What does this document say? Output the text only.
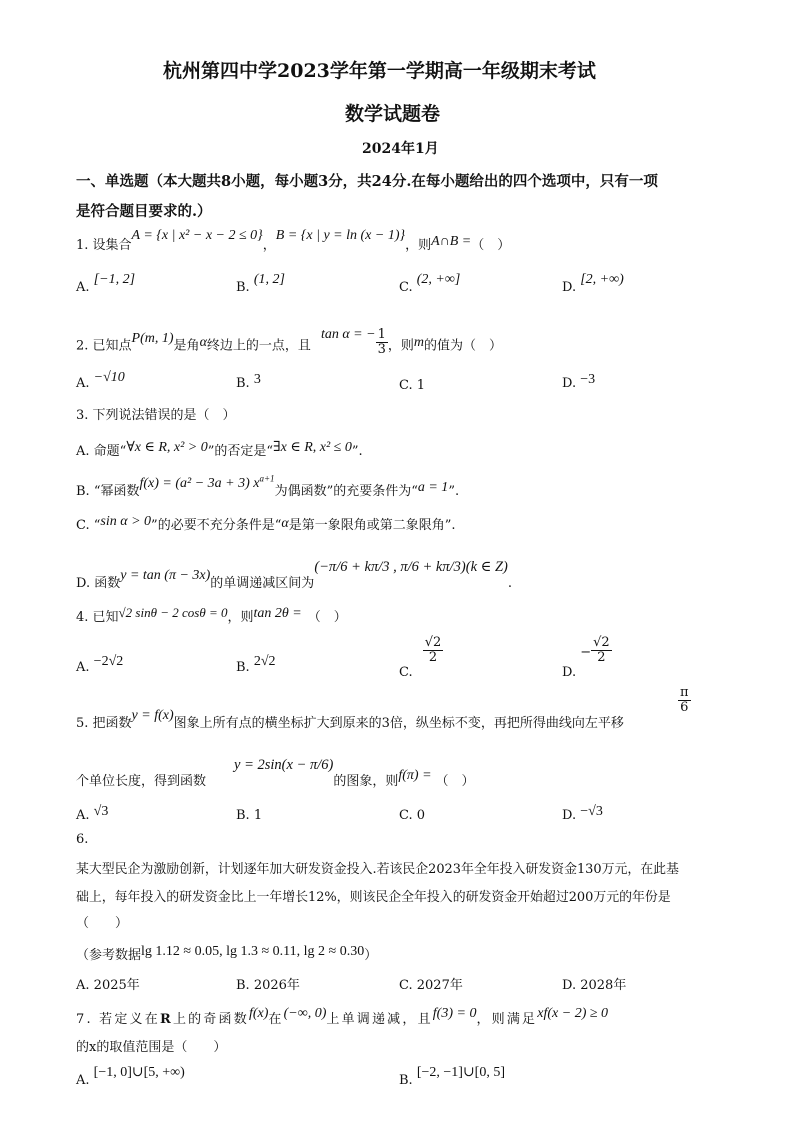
杭州第四中学2023学年第一学期高一年级期末考试
数学试题卷
2024年1月
一、单选题（本大题共8小题，每小题3分，共24分.在每小题给出的四个选项中，只有一项
是符合题目要求的.）
1. 设集合A = {x | x² − x − 2 ≤ 0}，B = {x | y = ln (x − 1)}，则A∩B =（　）
A. [−1, 2]
B. (1, 2]
C. (2, +∞]
D. [2, +∞)
2. 已知点P(m, 1)是角α终边上的一点，且tan α = − $\frac{1}{3}$ ，则m的值为（　）
A. −√10	B. 3	C. 1	D. −3
3. 下列说法错误的是（　）
A. 命题“∀x ∈ R, x² > 0”的否定是“∃x ∈ R, x² ≤ 0”.
B. “幂函数f(x) = (a² − 3a + 3) $x^{a+1}$为偶函数”的充要条件为“a = 1”.
C. “sin α > 0”的必要不充分条件是“α是第一象限角或第二象限角”.
D. 函数y = tan (π − 3x)的单调递减区间为(−π/6 + kπ/3 , π/6 + kπ/3)(k ∈ Z).
4. 已知√2 sinθ − 2 cosθ = 0，则tan 2θ = （　）
A. −2√2	B. 2√2
C.
$\frac{√2}{2}$
D. − $\frac{√2}{2}$
5. 把函数y = f(x)图象上所有点的横坐标扩大到原来的3倍，纵坐标不变，再把所得曲线向左平移
$\frac{\pi}{6}$
个单位长度，得到函数y = 2sin(x − π/6)的图象，则f(π) = （　）
A. √3	B. 1	C. 0	D. −√3
6.
某大型民企为激励创新，计划逐年加大研发资金投入.若该民企2023年全年投入研发资金130万元，在此基
础上，每年投入的研发资金比上一年增长12%，则该民企全年投入的研发资金开始超过200万元的年份是
（　　）
（参考数据lg 1.12 ≈ 0.05, lg 1.3 ≈ 0.11, lg 2 ≈ 0.30）
A. 2025年	B. 2026年	C. 2027年	D. 2028年
7. 若定义在R上的奇函数f(x)在(−∞, 0)上单调递减，且f(3) = 0，则满足xf(x − 2) ≥ 0
的x的取值范围是（　　）
A. [−1, 0]∪[5, +∞)
B. [−2, −1]∪[0, 5]
